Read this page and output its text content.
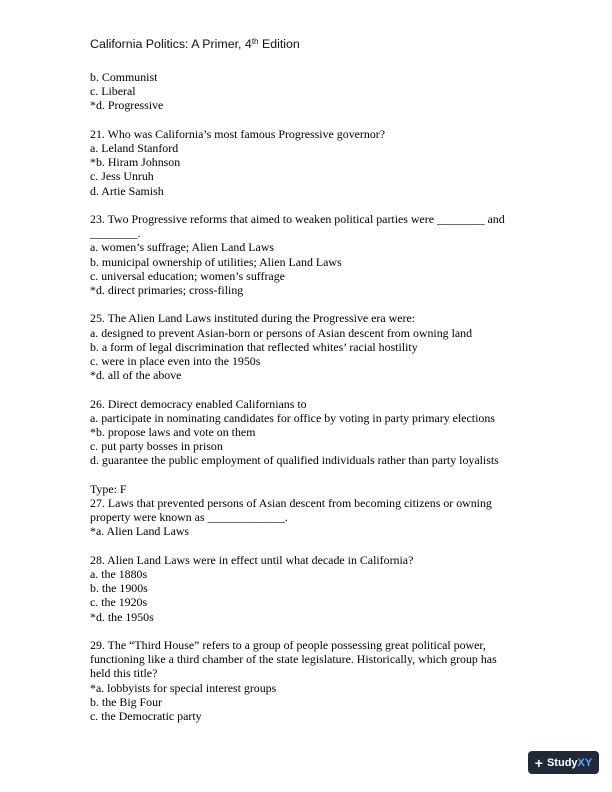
California Politics: A Primer, 4th Edition

b. Communist

c. Liberal

*d. Progressive

21. Who was California’s most famous Progressive governor?

a. Leland Stanford

*b. Hiram Johnson

c. Jess Unruh

d. Artie Samish

23. Two Progressive reforms that aimed to weaken political parties were ________ and ________.

a. women’s suffrage; Alien Land Laws

b. municipal ownership of utilities; Alien Land Laws

c. universal education; women’s suffrage

*d. direct primaries; cross-filing

25. The Alien Land Laws instituted during the Progressive era were:

a. designed to prevent Asian-born or persons of Asian descent from owning land

b. a form of legal discrimination that reflected whites’ racial hostility

c. were in place even into the 1950s

*d. all of the above

26. Direct democracy enabled Californians to

a. participate in nominating candidates for office by voting in party primary elections

*b. propose laws and vote on them

c. put party bosses in prison

d. guarantee the public employment of qualified individuals rather than party loyalists

Type: F

27. Laws that prevented persons of Asian descent from becoming citizens or owning property were known as _____________.

*a. Alien Land Laws

28. Alien Land Laws were in effect until what decade in California?

a. the 1880s

b. the 1900s

c. the 1920s

*d. the 1950s

29. The “Third House” refers to a group of people possessing great political power, functioning like a third chamber of the state legislature. Historically, which group has held this title?

*a. lobbyists for special interest groups

b. the Big Four

c. the Democratic party

+ Study XY
